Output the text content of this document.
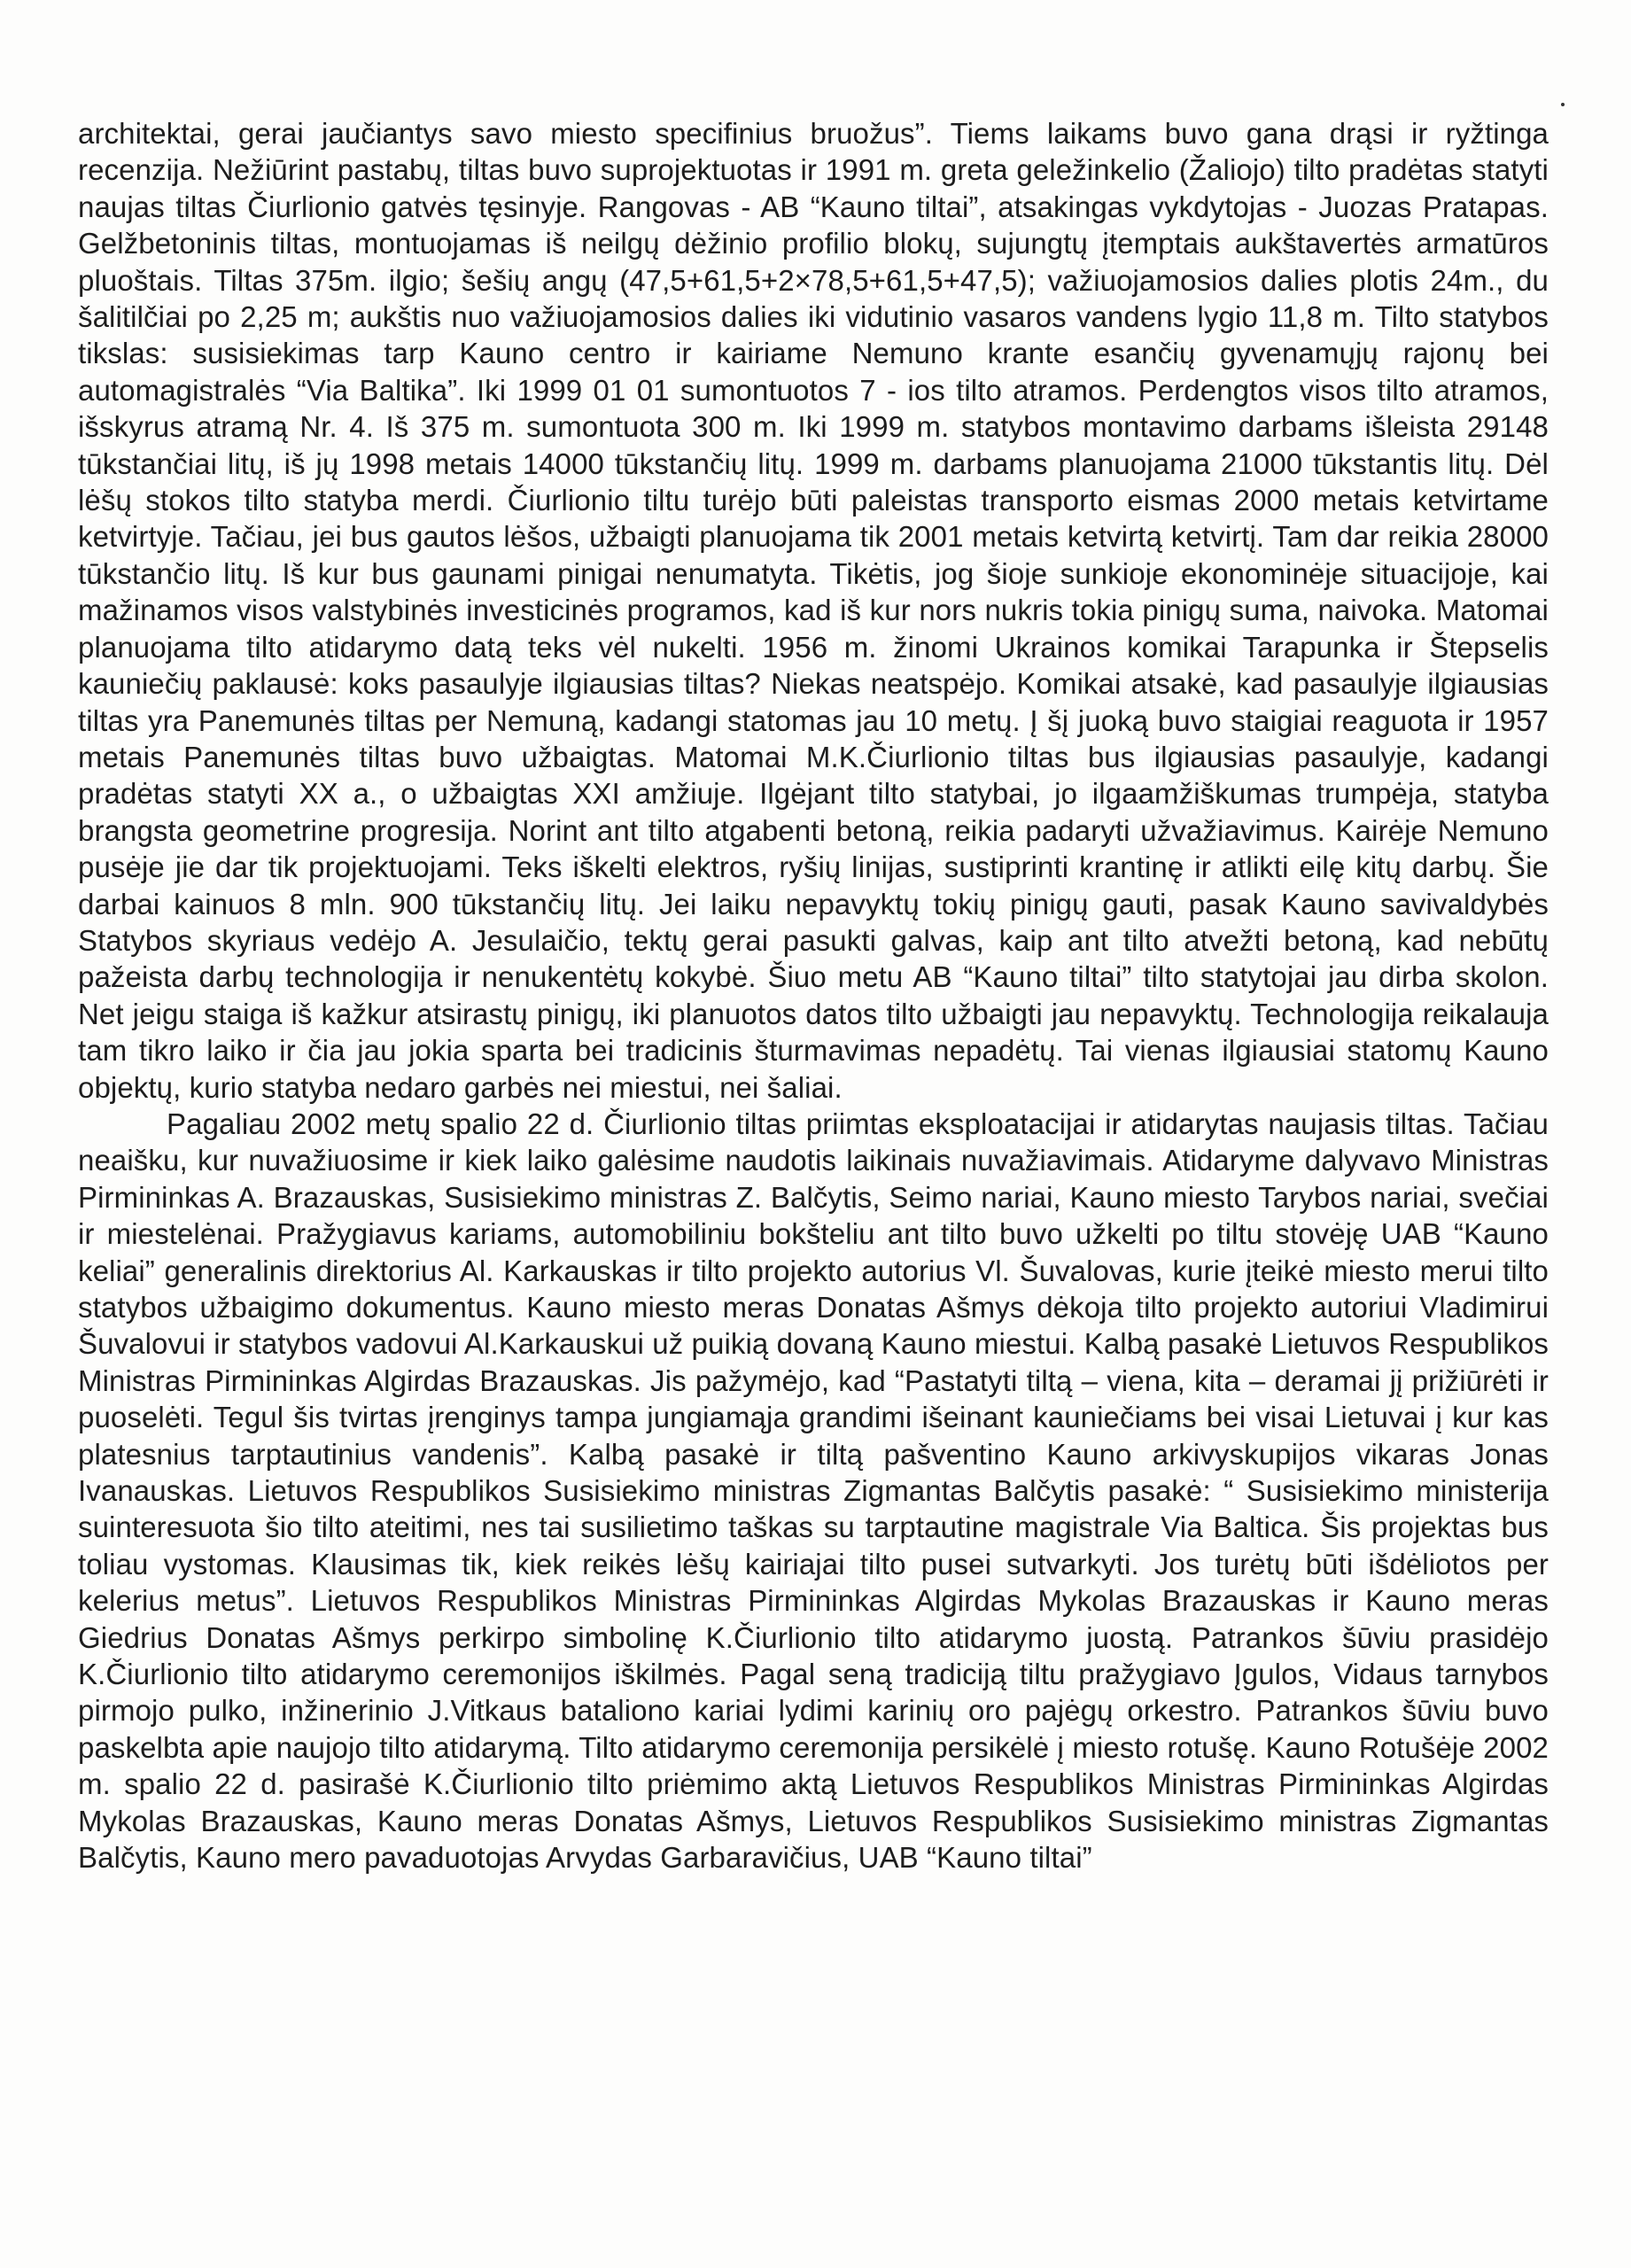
architektai, gerai jaučiantys savo miesto specifinius bruožus”. Tiems laikams buvo gana drąsi ir ryžtinga recenzija. Nežiūrint pastabų, tiltas buvo suprojektuotas ir 1991 m. greta geležinkelio (Žaliojo) tilto pradėtas statyti naujas tiltas Čiurlionio gatvės tęsinyje. Rangovas - AB “Kauno tiltai”, atsakingas vykdytojas - Juozas Pratapas. Gelžbetoninis tiltas, montuojamas iš neilgų dėžinio profilio blokų, sujungtų įtemptais aukštavertės armatūros pluoštais. Tiltas 375m. ilgio; šešių angų (47,5+61,5+2×78,5+61,5+47,5); važiuojamosios dalies plotis 24m., du šalitilčiai po 2,25 m; aukštis nuo važiuojamosios dalies iki vidutinio vasaros vandens lygio 11,8 m. Tilto statybos tikslas: susisiekimas tarp Kauno centro ir kairiame Nemuno krante esančių gyvenamųjų rajonų bei automagistralės “Via Baltika”. Iki 1999 01 01 sumontuotos 7 - ios tilto atramos. Perdengtos visos tilto atramos, išskyrus atramą Nr. 4. Iš 375 m. sumontuota 300 m. Iki 1999 m. statybos montavimo darbams išleista 29148 tūkstančiai litų, iš jų 1998 metais 14000 tūkstančių litų. 1999 m. darbams planuojama 21000 tūkstantis litų. Dėl lėšų stokos tilto statyba merdi. Čiurlionio tiltu turėjo būti paleistas transporto eismas 2000 metais ketvirtame ketvirtyje. Tačiau, jei bus gautos lėšos, užbaigti planuojama tik 2001 metais ketvirtą ketvirtį. Tam dar reikia 28000 tūkstančio litų. Iš kur bus gaunami pinigai nenumatyta. Tikėtis, jog šioje sunkioje ekonominėje situacijoje, kai mažinamos visos valstybinės investicinės programos, kad iš kur nors nukris tokia pinigų suma, naivoka. Matomai planuojama tilto atidarymo datą teks vėl nukelti. 1956 m. žinomi Ukrainos komikai Tarapunka ir Štepselis kauniečių paklausė: koks pasaulyje ilgiausias tiltas? Niekas neatspėjo. Komikai atsakė, kad pasaulyje ilgiausias tiltas yra Panemunės tiltas per Nemuną, kadangi statomas jau 10 metų. Į šį juoką buvo staigiai reaguota ir 1957 metais Panemunės tiltas buvo užbaigtas. Matomai M.K.Čiurlionio tiltas bus ilgiausias pasaulyje, kadangi pradėtas statyti XX a., o užbaigtas XXI amžiuje. Ilgėjant tilto statybai, jo ilgaamžiškumas trumpėja, statyba brangsta geometrine progresija. Norint ant tilto atgabenti betoną, reikia padaryti užvažiavimus. Kairėje Nemuno pusėje jie dar tik projektuojami. Teks iškelti elektros, ryšių linijas, sustiprinti krantinę ir atlikti eilę kitų darbų. Šie darbai kainuos 8 mln. 900 tūkstančių litų. Jei laiku nepavyktų tokių pinigų gauti, pasak Kauno savivaldybės Statybos skyriaus vedėjo A. Jesulaičio, tektų gerai pasukti galvas, kaip ant tilto atvežti betoną, kad nebūtų pažeista darbų technologija ir nenukentėtų kokybė. Šiuo metu AB “Kauno tiltai” tilto statytojai jau dirba skolon. Net jeigu staiga iš kažkur atsirastų pinigų, iki planuotos datos tilto užbaigti jau nepavyktų. Technologija reikalauja tam tikro laiko ir čia jau jokia sparta bei tradicinis šturmavimas nepadėtų. Tai vienas ilgiausiai statomų Kauno objektų, kurio statyba nedaro garbės nei miestui, nei šaliai.

Pagaliau 2002 metų spalio 22 d. Čiurlionio tiltas priimtas eksploatacijai ir atidarytas naujasis tiltas. Tačiau neaišku, kur nuvažiuosime ir kiek laiko galėsime naudotis laikinais nuvažiavimais. Atidaryme dalyvavo Ministras Pirmininkas A. Brazauskas, Susisiekimo ministras Z. Balčytis, Seimo nariai, Kauno miesto Tarybos nariai, svečiai ir miestelėnai. Pražygiavus kariams, automobiliniu bokšteliu ant tilto buvo užkelti po tiltu stovėję UAB “Kauno keliai” generalinis direktorius Al. Karkauskas ir tilto projekto autorius Vl. Šuvalovas, kurie įteikė miesto merui tilto statybos užbaigimo dokumentus. Kauno miesto meras Donatas Ašmys dėkoja tilto projekto autoriui Vladimirui Šuvalovui ir statybos vadovui Al.Karkauskui už puikią dovaną Kauno miestui. Kalbą pasakė Lietuvos Respublikos Ministras Pirmininkas Algirdas Brazauskas. Jis pažymėjo, kad “Pastatyti tiltą – viena, kita – deramai jį prižiūrėti ir puoselėti. Tegul šis tvirtas įrenginys tampa jungiamąja grandimi išeinant kauniečiams bei visai Lietuvai į kur kas platesnius tarptautinius vandenis”. Kalbą pasakė ir tiltą pašventino Kauno arkivyskupijos vikaras Jonas Ivanauskas. Lietuvos Respublikos Susisiekimo ministras Zigmantas Balčytis pasakė: “ Susisiekimo ministerija suinteresuota šio tilto ateitimi, nes tai susilietimo taškas su tarptautine magistrale Via Baltica. Šis projektas bus toliau vystomas. Klausimas tik, kiek reikės lėšų kairiajai tilto pusei sutvarkyti. Jos turėtų būti išdėliotos per kelerius metus”. Lietuvos Respublikos Ministras Pirmininkas Algirdas Mykolas Brazauskas ir Kauno meras Giedrius Donatas Ašmys perkirpo simbolinę K.Čiurlionio tilto atidarymo juostą. Patrankos šūviu prasidėjo K.Čiurlionio tilto atidarymo ceremonijos iškilmės. Pagal seną tradiciją tiltu pražygiavo Įgulos, Vidaus tarnybos pirmojo pulko, inžinerinio J.Vitkaus bataliono kariai lydimi karinių oro pajėgų orkestro. Patrankos šūviu buvo paskelbta apie naujojo tilto atidarymą. Tilto atidarymo ceremonija persikėlė į miesto rotušę. Kauno Rotušėje 2002 m. spalio 22 d. pasirašė K.Čiurlionio tilto priėmimo aktą Lietuvos Respublikos Ministras Pirmininkas Algirdas Mykolas Brazauskas, Kauno meras Donatas Ašmys, Lietuvos Respublikos Susisiekimo ministras Zigmantas Balčytis, Kauno mero pavaduotojas Arvydas Garbaravičius, UAB “Kauno tiltai”
